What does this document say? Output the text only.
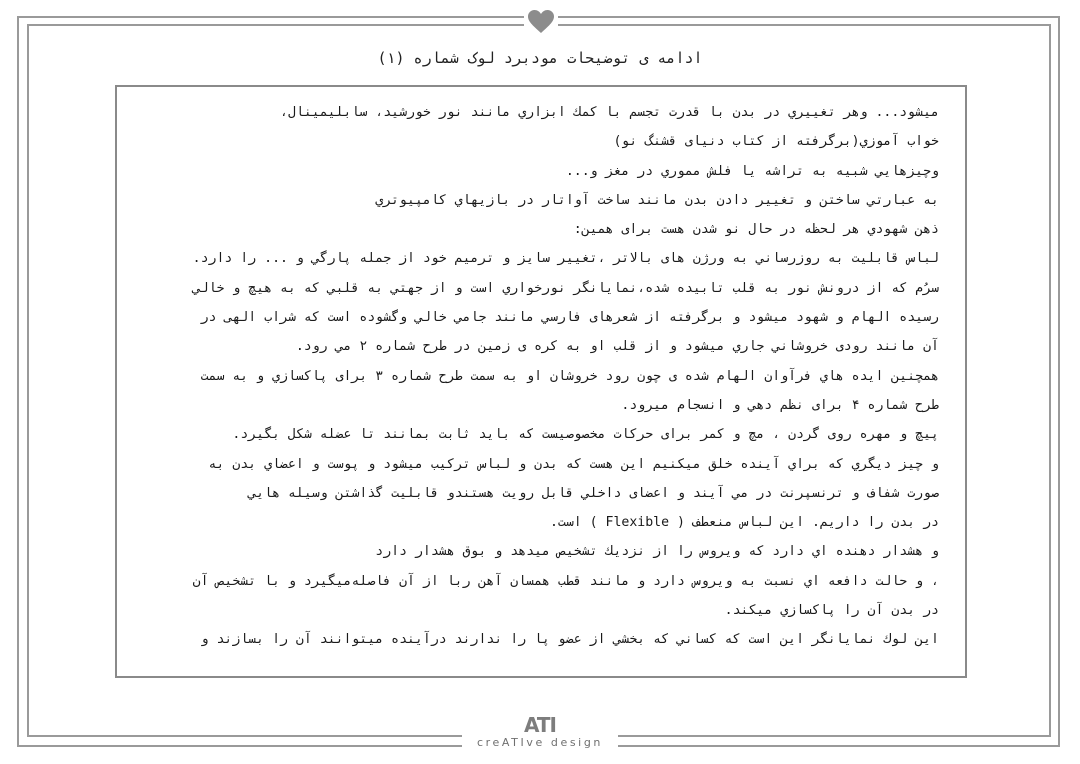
ادامه ی توضیحات مودبرد لوک شماره (۱)

ميشود... وهر تغييري در بدن با قدرت تجسم با كمك ابزاري مانند نور خورشيد، سابليمينال،

خواب آموزي(برگرفته از كتاب دنياى قشنگ نو)

وچيزهايي شبيه به تراشه يا فلش مموري در مغز و...

به عبارتي ساختن و تغيير دادن بدن مانند ساخت آواتار در بازيهاي كامپيوتري

ذهن شهودي هر لحظه در حال نو شدن هست براى همين:

لباس قابليت به روزرساني به ورژن هاى بالاتر ،تغيير سايز و ترميم خود از جمله پارگي و ... را دارد.

سرُم كه از درونش نور به قلب تابيده شده،نمايانگر نورخواري است و از جهتي به قلبي كه به هيچ و خالي

رسيده الهام و شهود ميشود و برگرفته از شعرهاى فارسي مانند جامي خالي وگشوده است كه شراب الهى در

آن مانند رودى خروشاني جاري ميشود و از قلب او به كره ى زمين در طرح شماره ۲ مي رود.

همچنين ايده هاي فرآوان الهام شده ى چون رود خروشان او به سمت طرح شماره ۳ براى پاكسازي و به سمت

طرح شماره ۴ براى نظم دهي و انسجام ميرود.

پيچ و مهره روى گردن ، مچ و كمر براى حركات مخصوصيست كه بايد ثابت بمانند تا عضله شكل بگيرد.

و چيز ديگري كه براي آينده خلق ميكنيم اين هست كه بدن و لباس تركيب ميشود و پوست و اعضاي بدن به

صورت شفاف و ترنسپرنت در مي آيند و اعضاى داخلي قابل رويت هستندو قابليت گذاشتن وسيله هايي

در بدن را داريم. اين لباس منعطف ( Flexible ) است.

و هشدار دهنده اي دارد كه ويروس را از نزديك تشخيص ميدهد و بوق هشدار دارد

، و حالت دافعه اي نسبت به ويروس دارد و مانند قطب همسان آهن ربا از آن فاصله‌ميگيرد و با تشخيص آن

در بدن آن را پاكسازي ميكند.

اين لوك نمايانگر اين است كه كساني كه بخشي از عضو پا را ندارند درآينده ميتوانند آن را بسازند و

ATI
creATIve design
